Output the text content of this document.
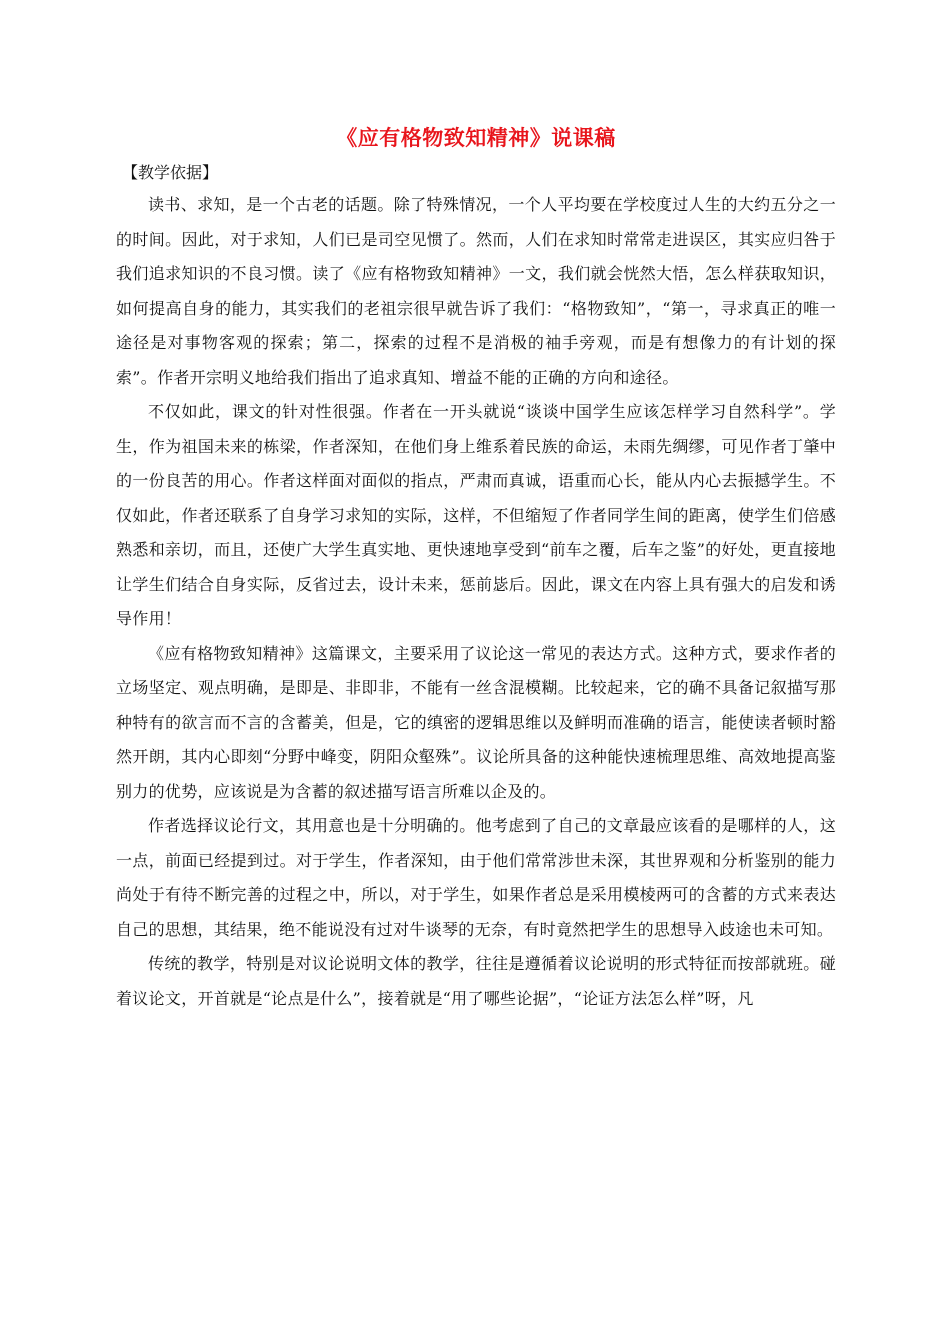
《应有格物致知精神》说课稿
【教学依据】

读书、求知，是一个古老的话题。除了特殊情况，一个人平均要在学校度过人生的大约五分之一的时间。因此，对于求知，人们已是司空见惯了。然而，人们在求知时常常走进误区，其实应归咎于我们追求知识的不良习惯。读了《应有格物致知精神》一文，我们就会恍然大悟，怎么样获取知识，如何提高自身的能力，其实我们的老祖宗很早就告诉了我们：“格物致知”，“第一，寻求真正的唯一途径是对事物客观的探索；第二，探索的过程不是消极的袖手旁观，而是有想像力的有计划的探索”。作者开宗明义地给我们指出了追求真知、增益不能的正确的方向和途径。

不仅如此，课文的针对性很强。作者在一开头就说“谈谈中国学生应该怎样学习自然科学”。学生，作为祖国未来的栋梁，作者深知，在他们身上维系着民族的命运，未雨先绸缪，可见作者丁肇中的一份良苦的用心。作者这样面对面似的指点，严肃而真诚，语重而心长，能从内心去振撼学生。不仅如此，作者还联系了自身学习求知的实际，这样，不但缩短了作者同学生间的距离，使学生们倍感熟悉和亲切，而且，还使广大学生真实地、更快速地享受到“前车之覆，后车之鉴”的好处，更直接地让学生们结合自身实际，反省过去，设计未来，惩前毖后。因此，课文在内容上具有强大的启发和诱导作用！

《应有格物致知精神》这篇课文，主要采用了议论这一常见的表达方式。这种方式，要求作者的立场坚定、观点明确，是即是、非即非，不能有一丝含混模糊。比较起来，它的确不具备记叙描写那种特有的欲言而不言的含蓄美，但是，它的缜密的逻辑思维以及鲜明而准确的语言，能使读者顿时豁然开朗，其内心即刻“分野中峰变，阴阳众壑殊”。议论所具备的这种能快速梳理思维、高效地提高鉴别力的优势，应该说是为含蓄的叙述描写语言所难以企及的。

作者选择议论行文，其用意也是十分明确的。他考虑到了自己的文章最应该看的是哪样的人，这一点，前面已经提到过。对于学生，作者深知，由于他们常常涉世未深，其世界观和分析鉴别的能力尚处于有待不断完善的过程之中，所以，对于学生，如果作者总是采用模棱两可的含蓄的方式来表达自己的思想，其结果，绝不能说没有过对牛谈琴的无奈，有时竟然把学生的思想导入歧途也未可知。

传统的教学，特别是对议论说明文体的教学，往往是遵循着议论说明的形式特征而按部就班。碰着议论文，开首就是“论点是什么”，接着就是“用了哪些论据”，“论证方法怎么样”呀，凡
